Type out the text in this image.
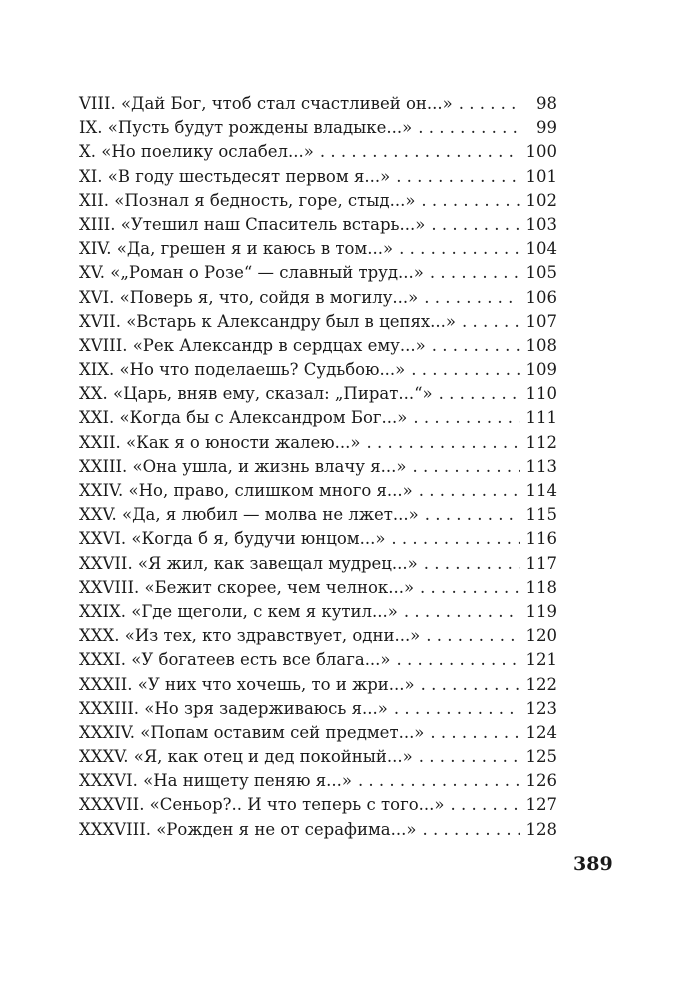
VIII. «Дай Бог, чтоб стал счастливей он...» . . .	98
IX. «Пусть будут рождены владыке...» . . .	99
X. «Но поелику ослабел...» . . .	100
XI. «В году шестьдесят первом я...» . . .	101
XII. «Познал я бедность, горе, стыд...» . . .	102
XIII. «Утешил наш Спаситель встарь...» . . .	103
XIV. «Да, грешен я и каюсь в том...» . . .	104
XV. «„Роман о Розе“ — славный труд...» . . .	105
XVI. «Поверь я, что, сойдя в могилу...» . . .	106
XVII. «Встарь к Александру был в цепях...» . . .	107
XVIII. «Рек Александр в сердцах ему...» . . .	108
XIX. «Но что поделаешь? Судьбою...» . . .	109
XX. «Царь, вняв ему, сказал: „Пират...“» . . .	110
XXI. «Когда бы с Александром Бог...» . . .	111
XXII. «Как я о юности жалею...» . . .	112
XXIII. «Она ушла, и жизнь влачу я...» . . .	113
XXIV. «Но, право, слишком много я...» . . .	114
XXV. «Да, я любил — молва не лжет...» . . .	115
XXVI. «Когда б я, будучи юнцом...» . . .	116
XXVII. «Я жил, как завещал мудрец...» . . .	117
XXVIII. «Бежит скорее, чем челнок...» . . .	118
XXIX. «Где щеголи, с кем я кутил...» . . .	119
XXX. «Из тех, кто здравствует, одни...» . . .	120
XXXI. «У богатеев есть все блага...» . . .	121
XXXII. «У них что хочешь, то и жри...» . . .	122
XXXIII. «Но зря задерживаюсь я...» . . .	123
XXXIV. «Попам оставим сей предмет...» . . .	124
XXXV. «Я, как отец и дед покойный...» . . .	125
XXXVI. «На нищету пеняю я...» . . .	126
XXXVII. «Сеньор?.. И что теперь с того...» . . .	127
XXXVIII. «Рожден я не от серафима...» . . .	128
389
